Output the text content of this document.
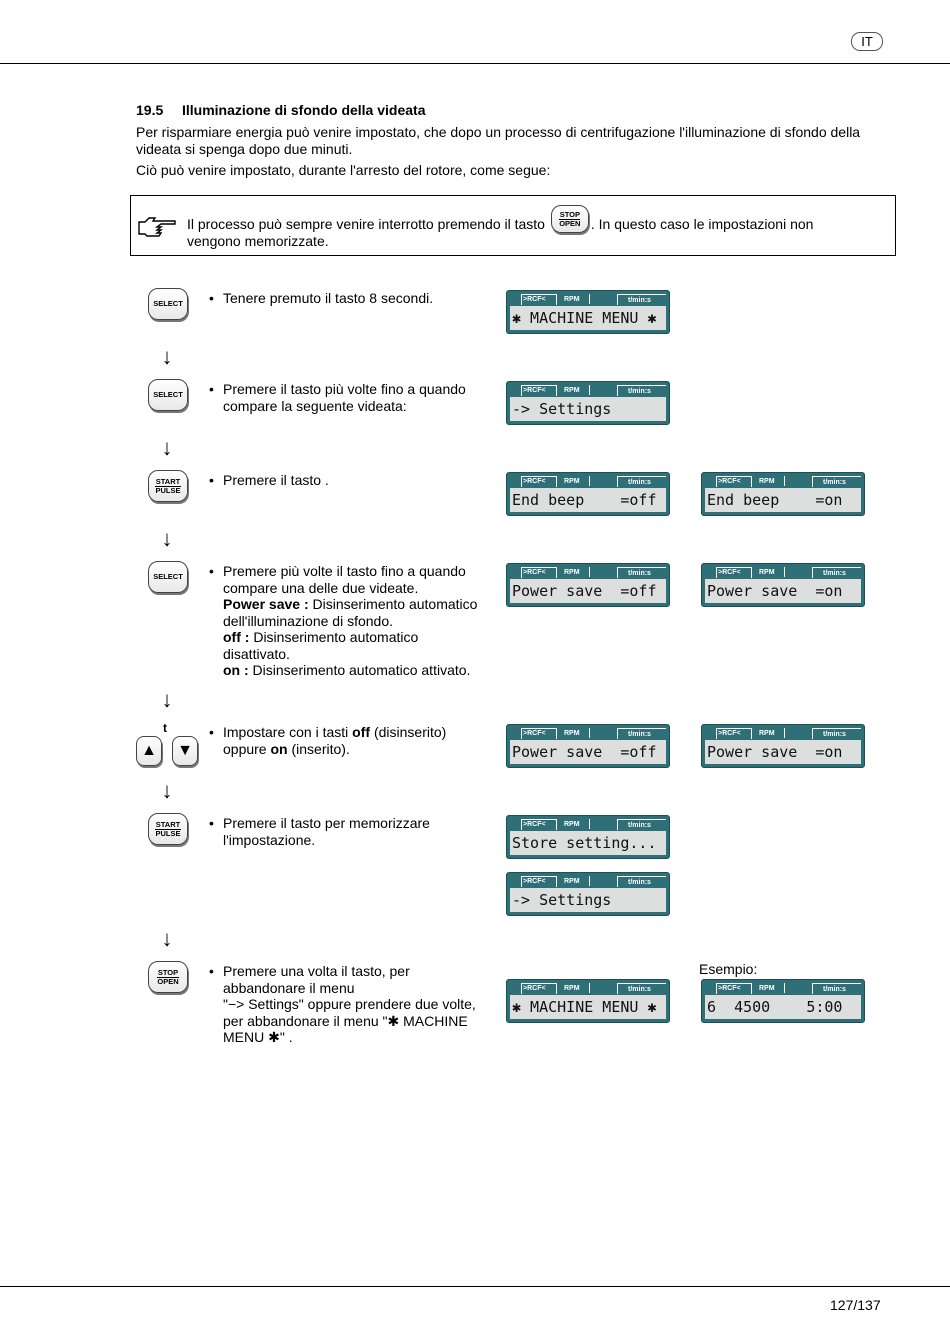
IT
19.5 Illuminazione di sfondo della videata
Per risparmiare energia può venire impostato, che dopo un processo di centrifugazione l'illuminazione di sfondo della
videata si spenga dopo due minuti.
Ciò può venire impostato, durante l'arresto del rotore, come segue:
Il processo può sempre venire interrotto premendo il tasto
STOP
OPEN . In questo caso le impostazioni non
vengono memorizzate.
SELECT • Tenere premuto il tasto 8 secondi.	>RCF<	RPM	t/min:s
✱ MACHINE MENU ✱
↓
SELECT • Premere il tasto più volte fino a quando
compare la seguente videata:
>RCF<	RPM	t/min:s
-> Settings
↓
START
PULSE
• Premere il tasto .	>RCF<	RPM	t/min:s
End beep    =off
>RCF<	RPM	t/min:s
End beep    =on
↓
SELECT • Premere più volte il tasto fino a quando
compare una delle due videate.
Power save : Disinserimento automatico
dell'illuminazione di sfondo.
off : Disinserimento automatico
disattivato.
on : Disinserimento automatico attivato.
>RCF<	RPM	t/min:s
Power save  =off
>RCF<	RPM	t/min:s
Power save  =on
↓
t
▲	▼
• Impostare con i tasti off (disinserito)
oppure on (inserito).
>RCF<	RPM	t/min:s
Power save  =off
>RCF<	RPM	t/min:s
Power save  =on
↓
START
PULSE
• Premere il tasto per memorizzare
l'impostazione.
>RCF<	RPM	t/min:s
Store setting...
>RCF<	RPM	t/min:s
-> Settings
↓
STOP
OPEN
• Premere una volta il tasto, per
abbandonare il menu
"−> Settings" oppure prendere due volte,
per abbandonare il menu "✱ MACHINE
MENU ✱" .
Esempio:
>RCF<	RPM	t/min:s
✱ MACHINE MENU ✱
>RCF<	RPM	t/min:s
6  4500    5:00
127/137
